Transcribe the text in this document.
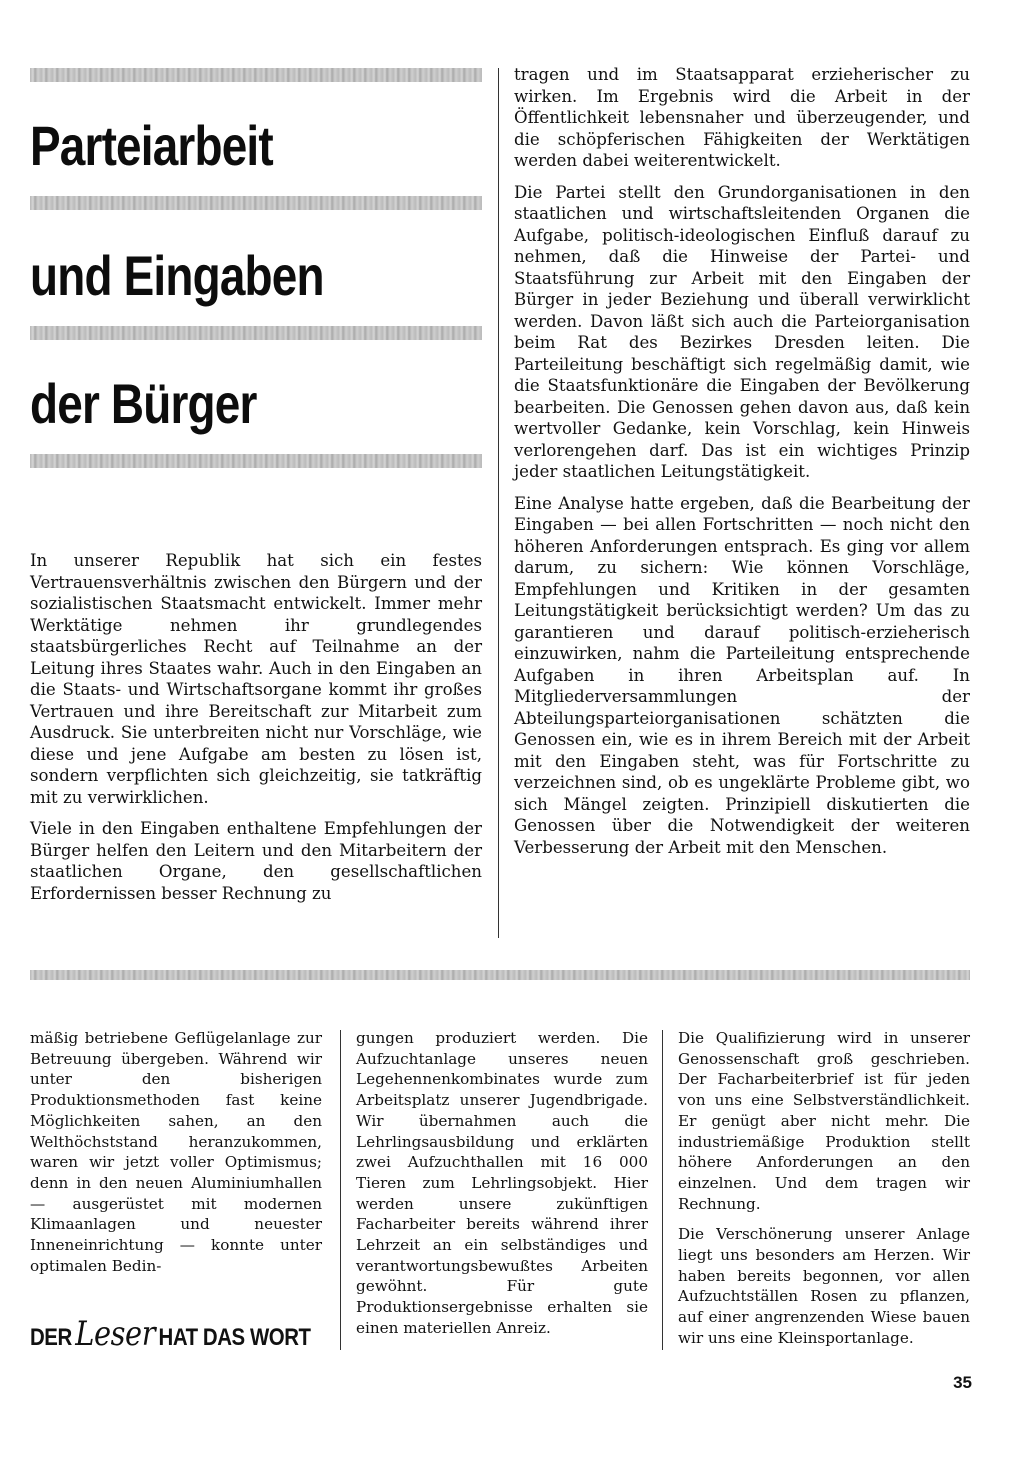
Parteiarbeit
und Eingaben
der Bürger

In unserer Republik hat sich ein festes Vertrauensverhältnis zwischen den Bürgern und der sozialistischen Staatsmacht entwickelt. Immer mehr Werktätige nehmen ihr grundlegendes staatsbürgerliches Recht auf Teilnahme an der Leitung ihres Staates wahr. Auch in den Eingaben an die Staats- und Wirtschaftsorgane kommt ihr großes Vertrauen und ihre Bereitschaft zur Mitarbeit zum Ausdruck. Sie unterbreiten nicht nur Vorschläge, wie diese und jene Aufgabe am besten zu lösen ist, sondern verpflichten sich gleichzeitig, sie tatkräftig mit zu verwirklichen.

Viele in den Eingaben enthaltene Empfehlungen der Bürger helfen den Leitern und den Mitarbeitern der staatlichen Organe, den gesellschaftlichen Erfordernissen besser Rechnung zu

tragen und im Staatsapparat erzieherischer zu wirken. Im Ergebnis wird die Arbeit in der Öffentlichkeit lebensnaher und überzeugender, und die schöpferischen Fähigkeiten der Werktätigen werden dabei weiterentwickelt.

Die Partei stellt den Grundorganisationen in den staatlichen und wirtschaftsleitenden Organen die Aufgabe, politisch-ideologischen Einfluß darauf zu nehmen, daß die Hinweise der Partei- und Staatsführung zur Arbeit mit den Eingaben der Bürger in jeder Beziehung und überall verwirklicht werden. Davon läßt sich auch die Parteiorganisation beim Rat des Bezirkes Dresden leiten. Die Parteileitung beschäftigt sich regelmäßig damit, wie die Staatsfunktionäre die Eingaben der Bevölkerung bearbeiten. Die Genossen gehen davon aus, daß kein wertvoller Gedanke, kein Vorschlag, kein Hinweis verlorengehen darf. Das ist ein wichtiges Prinzip jeder staatlichen Leitungstätigkeit.

Eine Analyse hatte ergeben, daß die Bearbeitung der Eingaben — bei allen Fortschritten — noch nicht den höheren Anforderungen entsprach. Es ging vor allem darum, zu sichern: Wie können Vorschläge, Empfehlungen und Kritiken in der gesamten Leitungstätigkeit berücksichtigt werden? Um das zu garantieren und darauf politisch-erzieherisch einzuwirken, nahm die Parteileitung entsprechende Aufgaben in ihren Arbeitsplan auf. In Mitgliederversammlungen der Abteilungsparteiorganisationen schätzten die Genossen ein, wie es in ihrem Bereich mit der Arbeit mit den Eingaben steht, was für Fortschritte zu verzeichnen sind, ob es ungeklärte Probleme gibt, wo sich Mängel zeigten. Prinzipiell diskutierten die Genossen über die Notwendigkeit der weiteren Verbesserung der Arbeit mit den Menschen.

mäßig betriebene Geflügelanlage zur Betreuung übergeben. Während wir unter den bisherigen Produktionsmethoden fast keine Möglichkeiten sahen, an den Welthöchststand heranzukommen, waren wir jetzt voller Optimismus; denn in den neuen Aluminiumhallen — ausgerüstet mit modernen Klimaanlagen und neuester Inneneinrichtung — konnte unter optimalen Bedin-

gungen produziert werden. Die Aufzuchtanlage unseres neuen Legehennenkombinates wurde zum Arbeitsplatz unserer Jugendbrigade. Wir übernahmen auch die Lehrlingsausbildung und erklärten zwei Aufzuchthallen mit 16 000 Tieren zum Lehrlingsobjekt. Hier werden unsere zukünftigen Facharbeiter bereits während ihrer Lehrzeit an ein selbständiges und verantwortungsbewußtes Arbeiten gewöhnt. Für gute Produktionsergebnisse erhalten sie einen materiellen Anreiz.

Die Qualifizierung wird in unserer Genossenschaft groß geschrieben. Der Facharbeiterbrief ist für jeden von uns eine Selbstverständlichkeit. Er genügt aber nicht mehr. Die industriemäßige Produktion stellt höhere Anforderungen an den einzelnen. Und dem tragen wir Rechnung.

Die Verschönerung unserer Anlage liegt uns besonders am Herzen. Wir haben bereits begonnen, vor allen Aufzuchtställen Rosen zu pflanzen, auf einer angrenzenden Wiese bauen wir uns eine Kleinsportanlage.

DER Leser HAT DAS WORT
35
